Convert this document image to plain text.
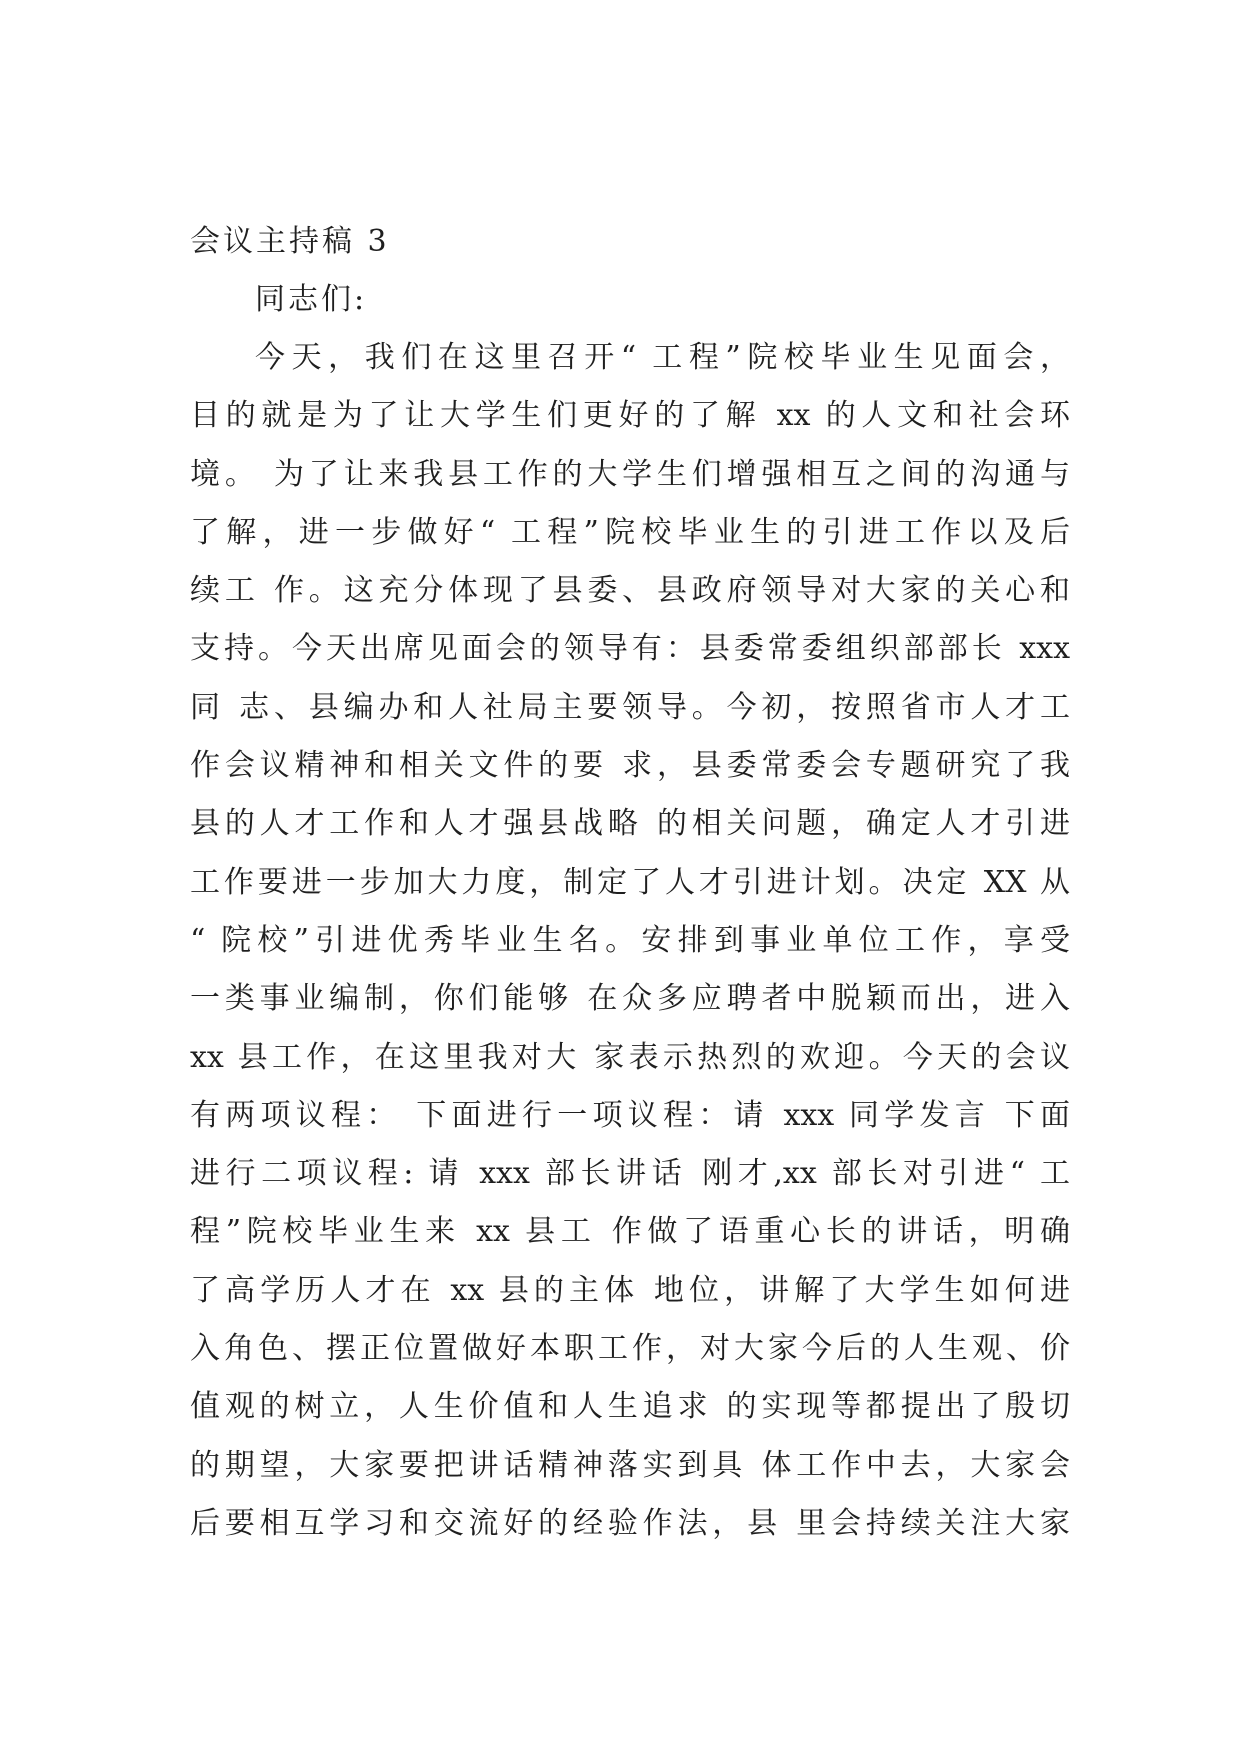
会议主持稿 3
同志们:
今天，我们在这里召开“ 工程”院校毕业生见面会，
目的就是为了让大学生们更好的了解 xx 的人文和社会环
境。 为了让来我县工作的大学生们增强相互之间的沟通与
了解，进一步做好“ 工程”院校毕业生的引进工作以及后
续工 作。这充分体现了县委、县政府领导对大家的关心和
支持。今天出席见面会的领导有：县委常委组织部部长 xxx
同 志、县编办和人社局主要领导。今初，按照省市人才工
作会议精神和相关文件的要 求，县委常委会专题研究了我
县的人才工作和人才强县战略 的相关问题，确定人才引进
工作要进一步加大力度，制定了人才引进计划。决定 XX 从
“ 院校”引进优秀毕业生名。安排到事业单位工作，享受
一类事业编制，你们能够 在众多应聘者中脱颖而出，进入
xx 县工作，在这里我对大 家表示热烈的欢迎。今天的会议
有两项议程： 下面进行一项议程：请 xxx 同学发言 下面
进行二项议程: 请 xxx 部长讲话 刚才,xx 部长对引进“ 工
程”院校毕业生来 xx 县工 作做了语重心长的讲话，明确
了高学历人才在 xx 县的主体 地位，讲解了大学生如何进
入角色、摆正位置做好本职工作，对大家今后的人生观、价
值观的树立，人生价值和人生追求 的实现等都提出了殷切
的期望，大家要把讲话精神落实到具 体工作中去，大家会
后要相互学习和交流好的经验作法，县 里会持续关注大家
